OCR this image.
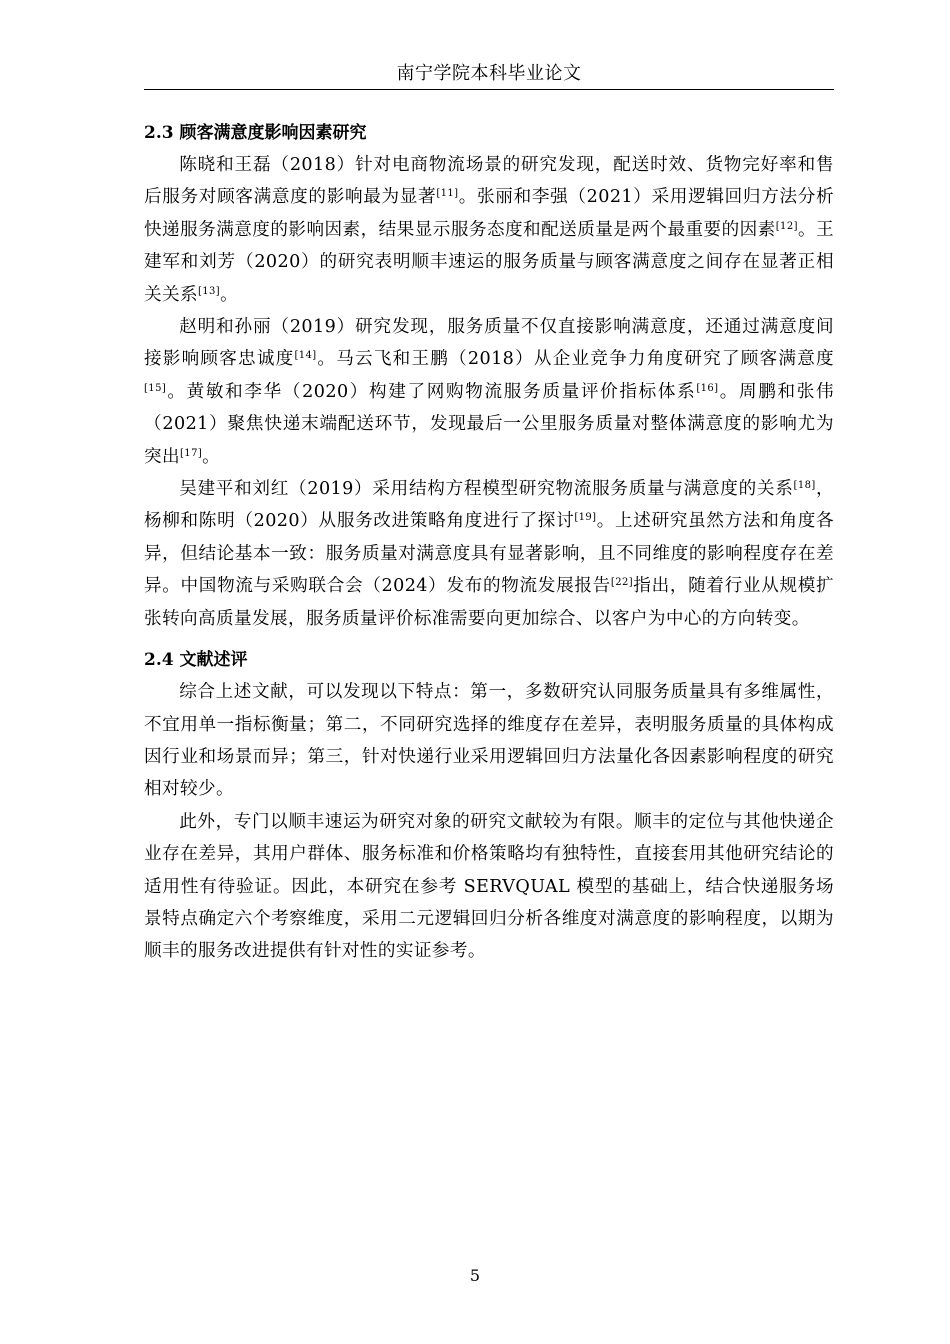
南宁学院本科毕业论文
2.3 顾客满意度影响因素研究

陈晓和王磊（2018）针对电商物流场景的研究发现，配送时效、货物完好率和售后服务对顾客满意度的影响最为显著[11]。张丽和李强（2021）采用逻辑回归方法分析快递服务满意度的影响因素，结果显示服务态度和配送质量是两个最重要的因素[12]。王建军和刘芳（2020）的研究表明顺丰速运的服务质量与顾客满意度之间存在显著正相关关系[13]。

赵明和孙丽（2019）研究发现，服务质量不仅直接影响满意度，还通过满意度间接影响顾客忠诚度[14]。马云飞和王鹏（2018）从企业竞争力角度研究了顾客满意度[15]。黄敏和李华（2020）构建了网购物流服务质量评价指标体系[16]。周鹏和张伟（2021）聚焦快递末端配送环节，发现最后一公里服务质量对整体满意度的影响尤为突出[17]。

吴建平和刘红（2019）采用结构方程模型研究物流服务质量与满意度的关系[18]，杨柳和陈明（2020）从服务改进策略角度进行了探讨[19]。上述研究虽然方法和角度各异，但结论基本一致：服务质量对满意度具有显著影响，且不同维度的影响程度存在差异。中国物流与采购联合会（2024）发布的物流发展报告[22]指出，随着行业从规模扩张转向高质量发展，服务质量评价标准需要向更加综合、以客户为中心的方向转变。

2.4 文献述评

综合上述文献，可以发现以下特点：第一，多数研究认同服务质量具有多维属性，不宜用单一指标衡量；第二，不同研究选择的维度存在差异，表明服务质量的具体构成因行业和场景而异；第三，针对快递行业采用逻辑回归方法量化各因素影响程度的研究相对较少。

此外，专门以顺丰速运为研究对象的研究文献较为有限。顺丰的定位与其他快递企业存在差异，其用户群体、服务标准和价格策略均有独特性，直接套用其他研究结论的适用性有待验证。因此，本研究在参考 SERVQUAL 模型的基础上，结合快递服务场景特点确定六个考察维度，采用二元逻辑回归分析各维度对满意度的影响程度，以期为顺丰的服务改进提供有针对性的实证参考。

5
